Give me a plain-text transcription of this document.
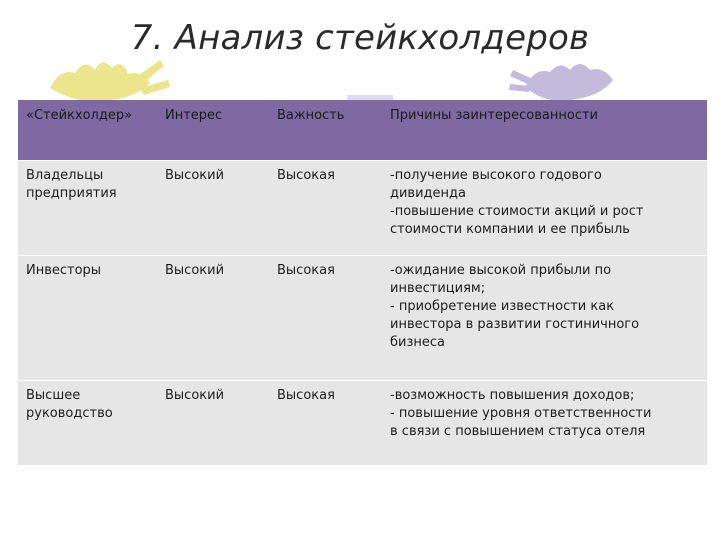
7. Анализ стейкхолдеров
«Стейкхолдер»	Интерес	Важность	Причины заинтересованности
Владельцы
предприятия	Высокий	Высокая	-получение высокого годового
дивиденда
-повышение стоимости акций и рост
стоимости компании и ее прибыль
Инвесторы	Высокий	Высокая	-ожидание высокой прибыли по
инвестициям;
- приобретение известности как
инвестора в развитии гостиничного
бизнеса
Высшее
руководство	Высокий	Высокая	-возможность повышения доходов;
- повышение уровня ответственности
в связи с повышением статуса отеля
